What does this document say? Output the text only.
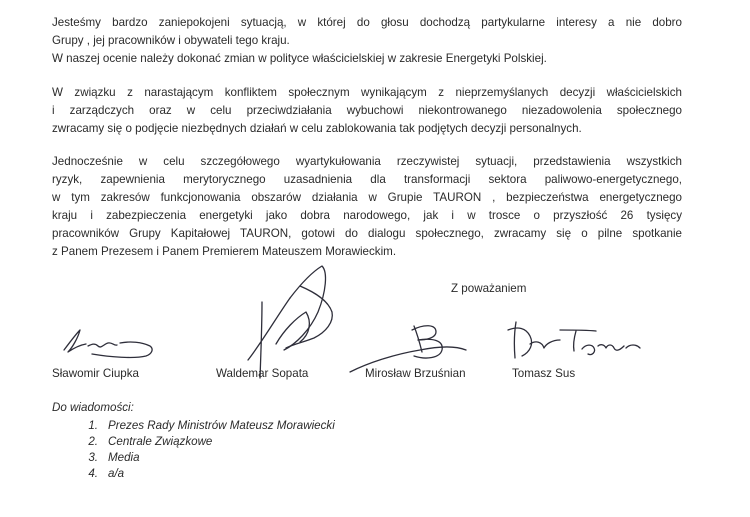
Jesteśmy bardzo zaniepokojeni sytuacją, w której do głosu dochodzą partykularne interesy a nie dobro
Grupy , jej pracowników i obywateli tego kraju.
W naszej ocenie należy dokonać zmian w polityce właścicielskiej w zakresie Energetyki Polskiej.

W związku z narastającym konfliktem społecznym wynikającym z nieprzemyślanych decyzji właścicielskich
i zarządczych oraz w celu przeciwdziałania wybuchowi niekontrowanego niezadowolenia społecznego
zwracamy się o podjęcie niezbędnych działań w celu zablokowania tak podjętych decyzji personalnych.

Jednocześnie w celu szczegółowego wyartykułowania rzeczywistej sytuacji, przedstawienia wszystkich
ryzyk, zapewnienia merytorycznego uzasadnienia dla transformacji sektora paliwowo-energetycznego,
w tym zakresów funkcjonowania obszarów działania w Grupie TAURON , bezpieczeństwa energetycznego
kraju i zabezpieczenia energetyki jako dobra narodowego, jak i w trosce o przyszłość 26 tysięcy
pracowników Grupy Kapitałowej TAURON, gotowi do dialogu społecznego, zwracamy się o pilne spotkanie
z Panem Prezesem i Panem Premierem Mateuszem Morawieckim.

Z poważaniem
Sławomir Ciupka	Waldemar Sopata	Mirosław Brzuśnian	Tomasz Sus
Do wiadomości:
1. Prezes Rady Ministrów Mateusz Morawiecki
2. Centrale Związkowe
3. Media
4. a/a
